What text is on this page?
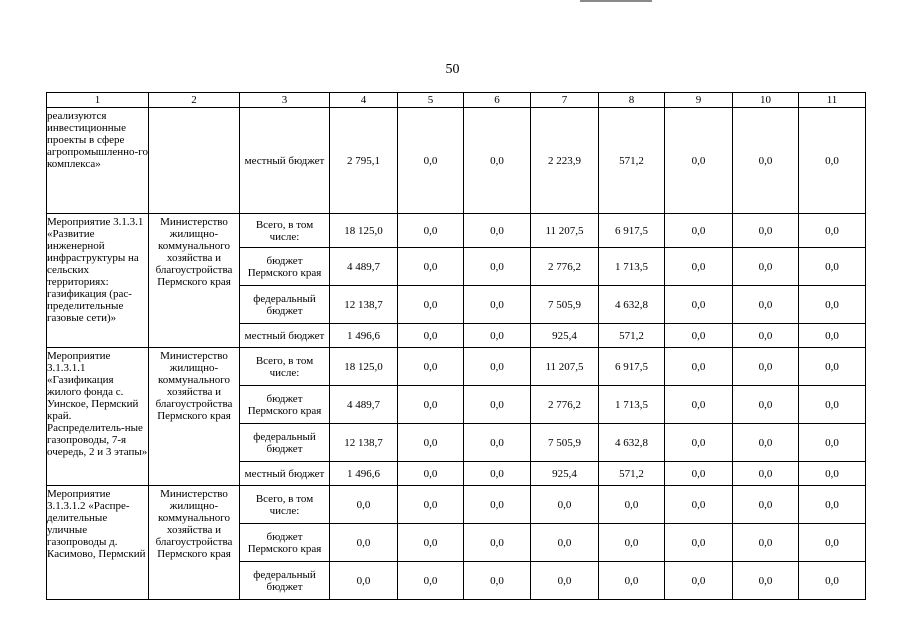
50
1	2	3	4	5	6	7	8	9	10	11
реализуются инвестиционные проекты в сфере агропромышленно-го комплекса»		местный бюджет	2 795,1	0,0	0,0	2 223,9	571,2	0,0	0,0	0,0
Мероприятие 3.1.3.1 «Развитие инженерной инфраструктуры на сельских территориях: газификация (рас-пределительные газовые сети)»	Министерство жилищно-коммунального хозяйства и благоустройства Пермского края	Всего, в том числе:	18 125,0	0,0	0,0	11 207,5	6 917,5	0,0	0,0	0,0
		бюджет Пермского края	4 489,7	0,0	0,0	2 776,2	1 713,5	0,0	0,0	0,0
		федеральный бюджет	12 138,7	0,0	0,0	7 505,9	4 632,8	0,0	0,0	0,0
		местный бюджет	1 496,6	0,0	0,0	925,4	571,2	0,0	0,0	0,0
Мероприятие 3.1.3.1.1 «Газификация жилого фонда с. Уинское, Пермский край. Распределитель-ные газопроводы, 7-я очередь, 2 и 3 этапы»	Министерство жилищно-коммунального хозяйства и благоустройства Пермского края	Всего, в том числе:	18 125,0	0,0	0,0	11 207,5	6 917,5	0,0	0,0	0,0
		бюджет Пермского края	4 489,7	0,0	0,0	2 776,2	1 713,5	0,0	0,0	0,0
		федеральный бюджет	12 138,7	0,0	0,0	7 505,9	4 632,8	0,0	0,0	0,0
		местный бюджет	1 496,6	0,0	0,0	925,4	571,2	0,0	0,0	0,0
Мероприятие 3.1.3.1.2 «Распре-делительные уличные газопроводы д. Касимово, Пермский	Министерство жилищно-коммунального хозяйства и благоустройства Пермского края	Всего, в том числе:	0,0	0,0	0,0	0,0	0,0	0,0	0,0	0,0
		бюджет Пермского края	0,0	0,0	0,0	0,0	0,0	0,0	0,0	0,0
		федеральный бюджет	0,0	0,0	0,0	0,0	0,0	0,0	0,0	0,0
